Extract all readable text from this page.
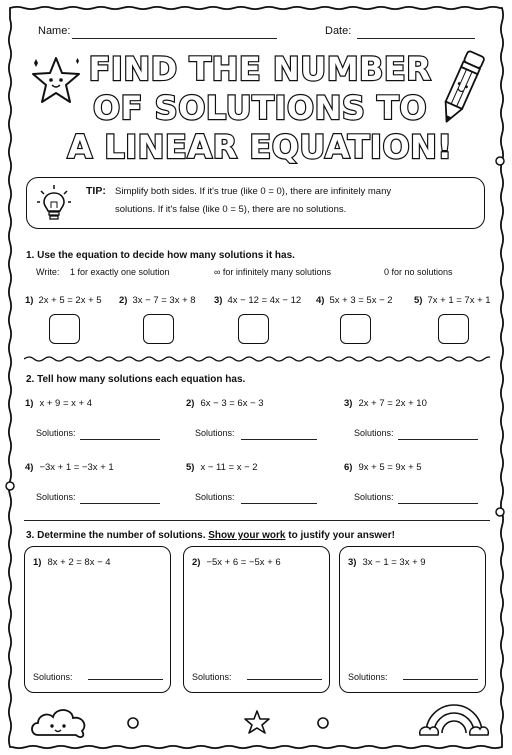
Name:	Date:
FIND THE NUMBER
OF SOLUTIONS TO
A LINEAR EQUATION!
TIP: Simplify both sides. If it's true (like 0 = 0), there are infinitely many
solutions. If it's false (like 0 = 5), there are no solutions.
1. Use the equation to decide how many solutions it has.
Write: 1 for exactly one solution	∞ for infinitely many solutions	0 for no solutions
1) 2x + 5 = 2x + 5 2) 3x − 7 = 3x + 8 3) 4x − 12 = 4x − 12 4) 5x + 3 = 5x − 2 5) 7x + 1 = 7x + 1
2. Tell how many solutions each equation has.
1) x + 9 = x + 4
Solutions:
2) 6x − 3 = 6x − 3
Solutions:
3) 2x + 7 = 2x + 10
Solutions:
4) −3x + 1 = −3x + 1
Solutions:
5) x − 11 = x − 2
Solutions:
6) 9x + 5 = 9x + 5
Solutions:
3. Determine the number of solutions. Show your work to justify your answer!
1) 8x + 2 = 8x − 4
Solutions:
2) −5x + 6 = −5x + 6
Solutions:
3) 3x − 1 = 3x + 9
Solutions:
